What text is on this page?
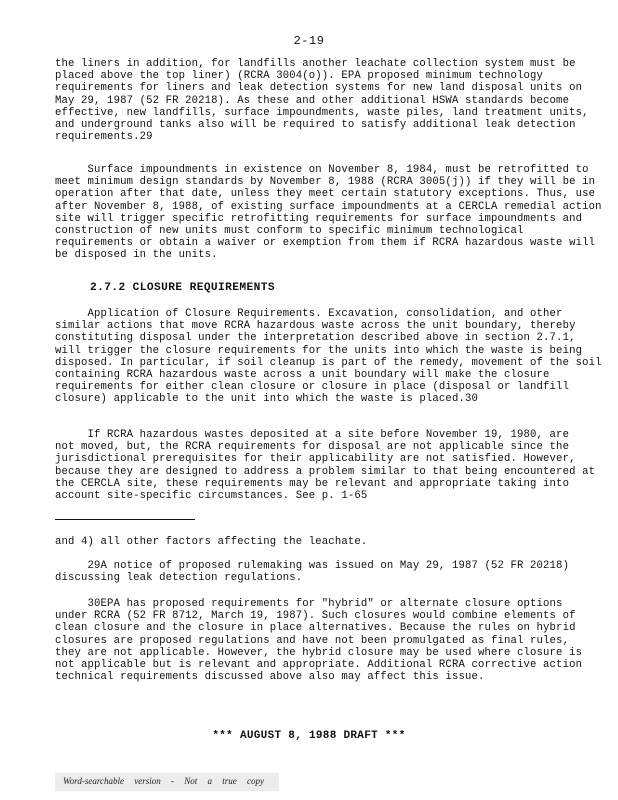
2-19

the liners in addition, for landfills another leachate collection system must be
placed above the top liner) (RCRA 3004(o)). EPA proposed minimum technology
requirements for liners and leak detection systems for new land disposal units on
May 29, 1987 (52 FR 20218). As these and other additional HSWA standards become
effective, new landfills, surface impoundments, waste piles, land treatment units,
and underground tanks also will be required to satisfy additional leak detection
requirements.29

Surface impoundments in existence on November 8, 1984, must be retrofitted to
meet minimum design standards by November 8, 1988 (RCRA 3005(j)) if they will be in
operation after that date, unless they meet certain statutory exceptions. Thus, use
after November 8, 1988, of existing surface impoundments at a CERCLA remedial action
site will trigger specific retrofitting requirements for surface impoundments and
construction of new units must conform to specific minimum technological
requirements or obtain a waiver or exemption from them if RCRA hazardous waste will
be disposed in the units.

2.7.2 CLOSURE REQUIREMENTS

Application of Closure Requirements. Excavation, consolidation, and other
similar actions that move RCRA hazardous waste across the unit boundary, thereby
constituting disposal under the interpretation described above in section 2.7.1,
will trigger the closure requirements for the units into which the waste is being
disposed. In particular, if soil cleanup is part of the remedy, movement of the soil
containing RCRA hazardous waste across a unit boundary will make the closure
requirements for either clean closure or closure in place (disposal or landfill
closure) applicable to the unit into which the waste is placed.30

If RCRA hazardous wastes deposited at a site before November 19, 1980, are
not moved, but, the RCRA requirements for disposal are not applicable since the
jurisdictional prerequisites for their applicability are not satisfied. However,
because they are designed to address a problem similar to that being encountered at
the CERCLA site, these requirements may be relevant and appropriate taking into
account site-specific circumstances. See p. 1-65

and 4) all other factors affecting the leachate.

29A notice of proposed rulemaking was issued on May 29, 1987 (52 FR 20218)
discussing leak detection regulations.

30EPA has proposed requirements for "hybrid" or alternate closure options
under RCRA (52 FR 8712, March 19, 1987). Such closures would combine elements of
clean closure and the closure in place alternatives. Because the rules on hybrid
closures are proposed regulations and have not been promulgated as final rules,
they are not applicable. However, the hybrid closure may be used where closure is
not applicable but is relevant and appropriate. Additional RCRA corrective action
technical requirements discussed above also may affect this issue.

*** AUGUST 8, 1988 DRAFT ***
Word-searchable version - Not a true copy
